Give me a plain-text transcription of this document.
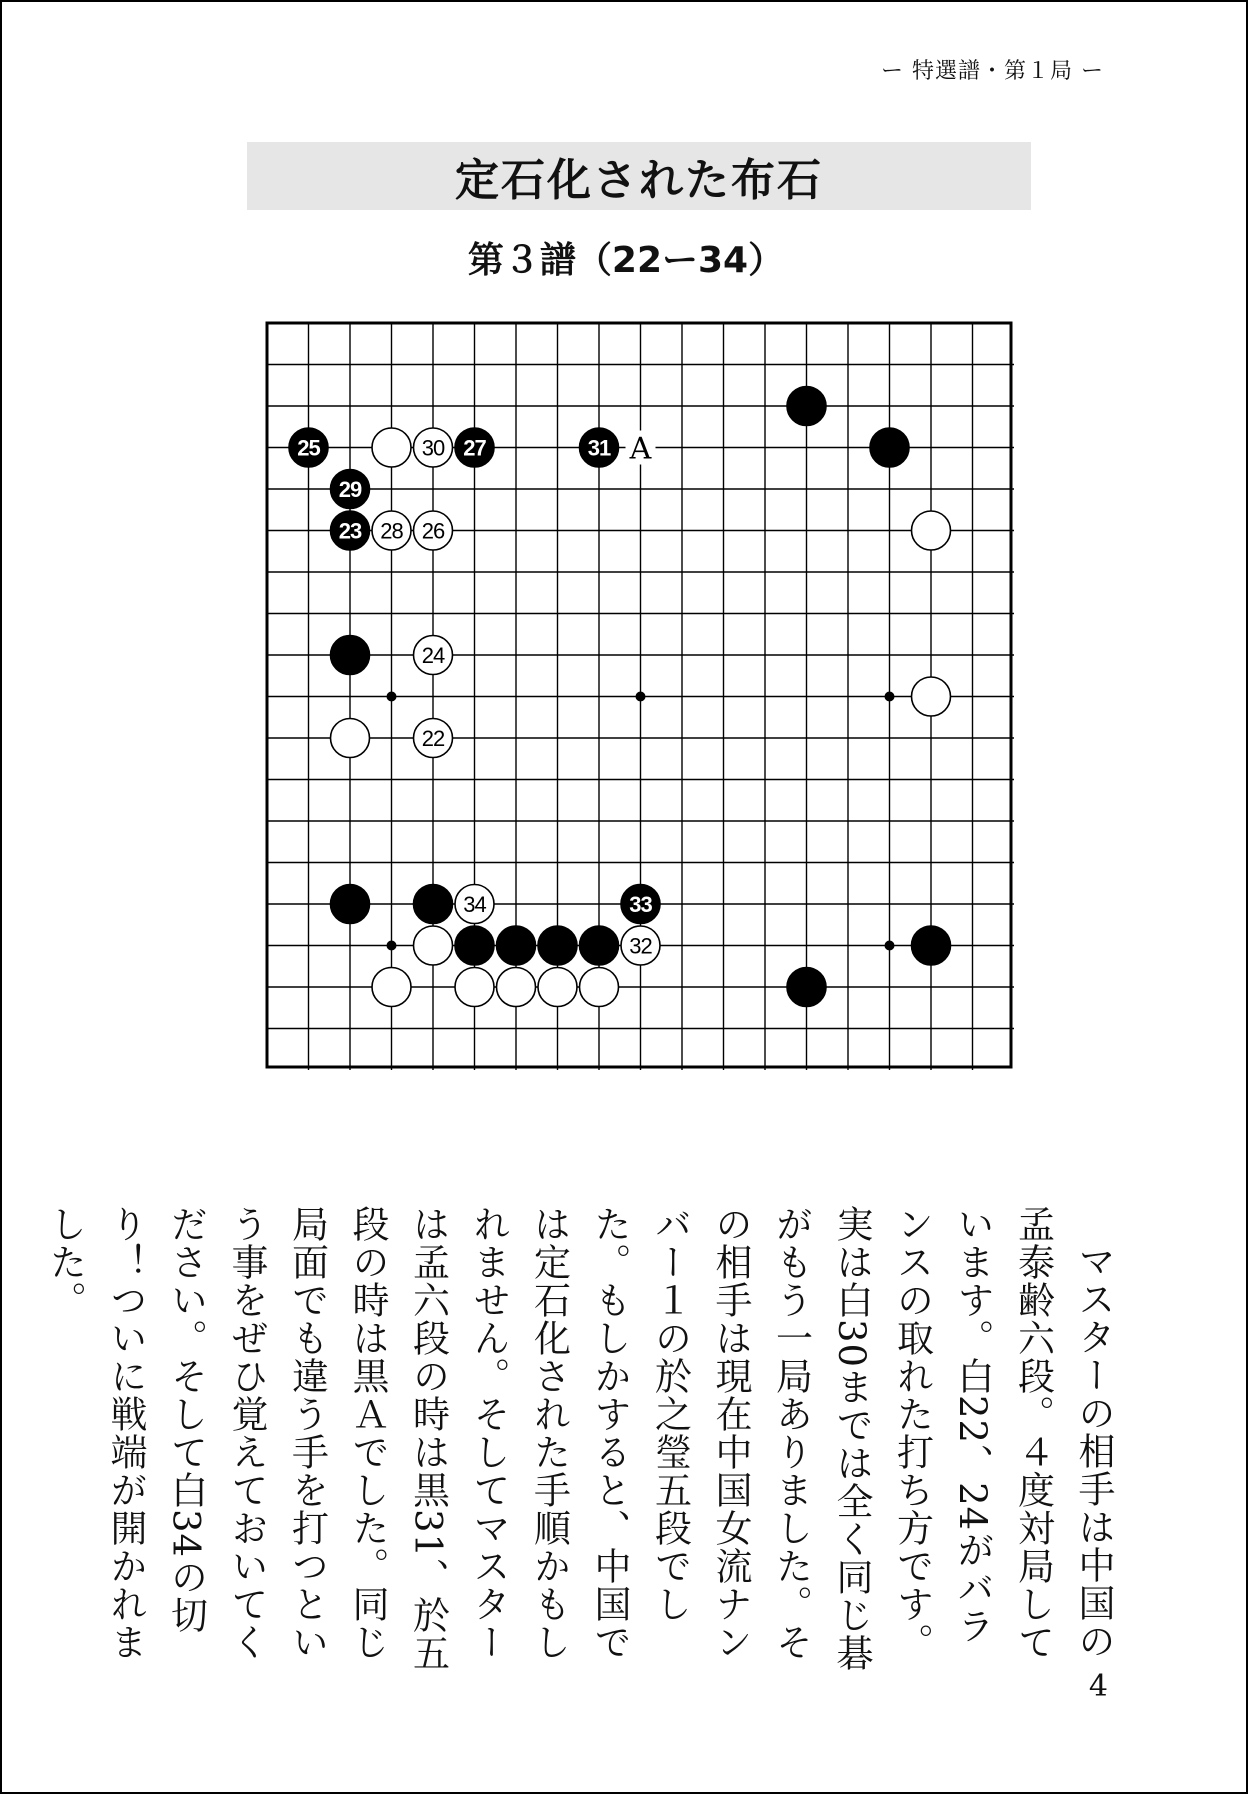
ー 特選譜・第１局 ー
定石化された布石
第３譜（22ー34）
25	30 27	31
29
23 28 26
24
22
34	33
32
A

マスターの相手は中国の孟泰齢六段。４度対局しています。白22、24がバランスの取れた打ち方です。実は白30までは全く同じ碁がもう一局ありました。その相手は現在中国女流ナンバー１の於之瑩五段でした。もしかすると、中国では定石化された手順かもしれません。そしてマスターは孟六段の時は黒31、於五段の時は黒Ａでした。同じ局面でも違う手を打つという事をぜひ覚えておいてください。そして白34の切り！ついに戦端が開かれました。

4
